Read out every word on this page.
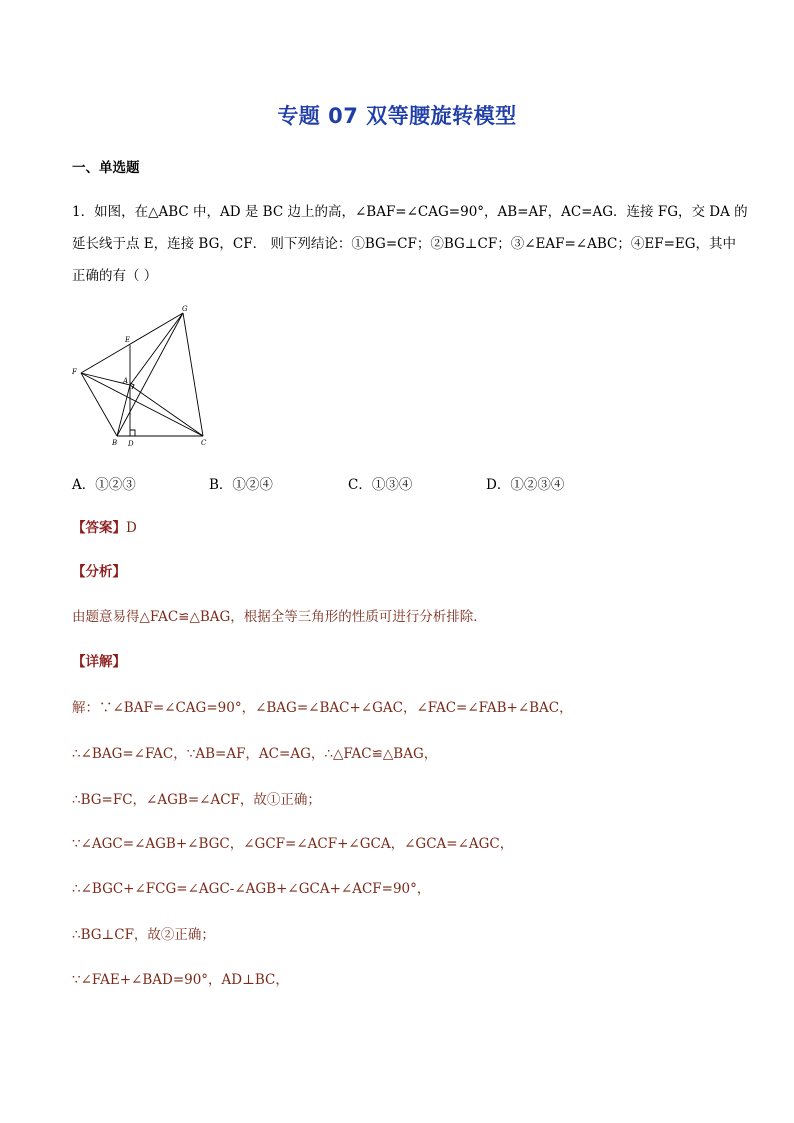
专题 07 双等腰旋转模型
一、单选题
1．如图，在△ABC 中，AD 是 BC 边上的高，∠BAF=∠CAG=90°，AB=AF，AC=AG．连接 FG，交 DA 的
延长线于点 E，连接 BG，CF． 则下列结论：①BG=CF；②BG⊥CF；③∠EAF=∠ABC；④EF=EG，其中
正确的有（ ）
G
E
F
A
B D	C
A．①②③	B．①②④	C．①③④	D．①②③④
【答案】D
【分析】
由题意易得△FAC≌△BAG，根据全等三角形的性质可进行分析排除．
【详解】
解：∵∠BAF=∠CAG=90°，∠BAG=∠BAC+∠GAC，∠FAC=∠FAB+∠BAC，
∴∠BAG=∠FAC，∵AB=AF，AC=AG，∴△FAC≌△BAG，
∴BG=FC，∠AGB=∠ACF，故①正确；
∵∠AGC=∠AGB+∠BGC，∠GCF=∠ACF+∠GCA，∠GCA=∠AGC，
∴∠BGC+∠FCG=∠AGC-∠AGB+∠GCA+∠ACF=90°，
∴BG⊥CF，故②正确；
∵∠FAE+∠BAD=90°，AD⊥BC，
